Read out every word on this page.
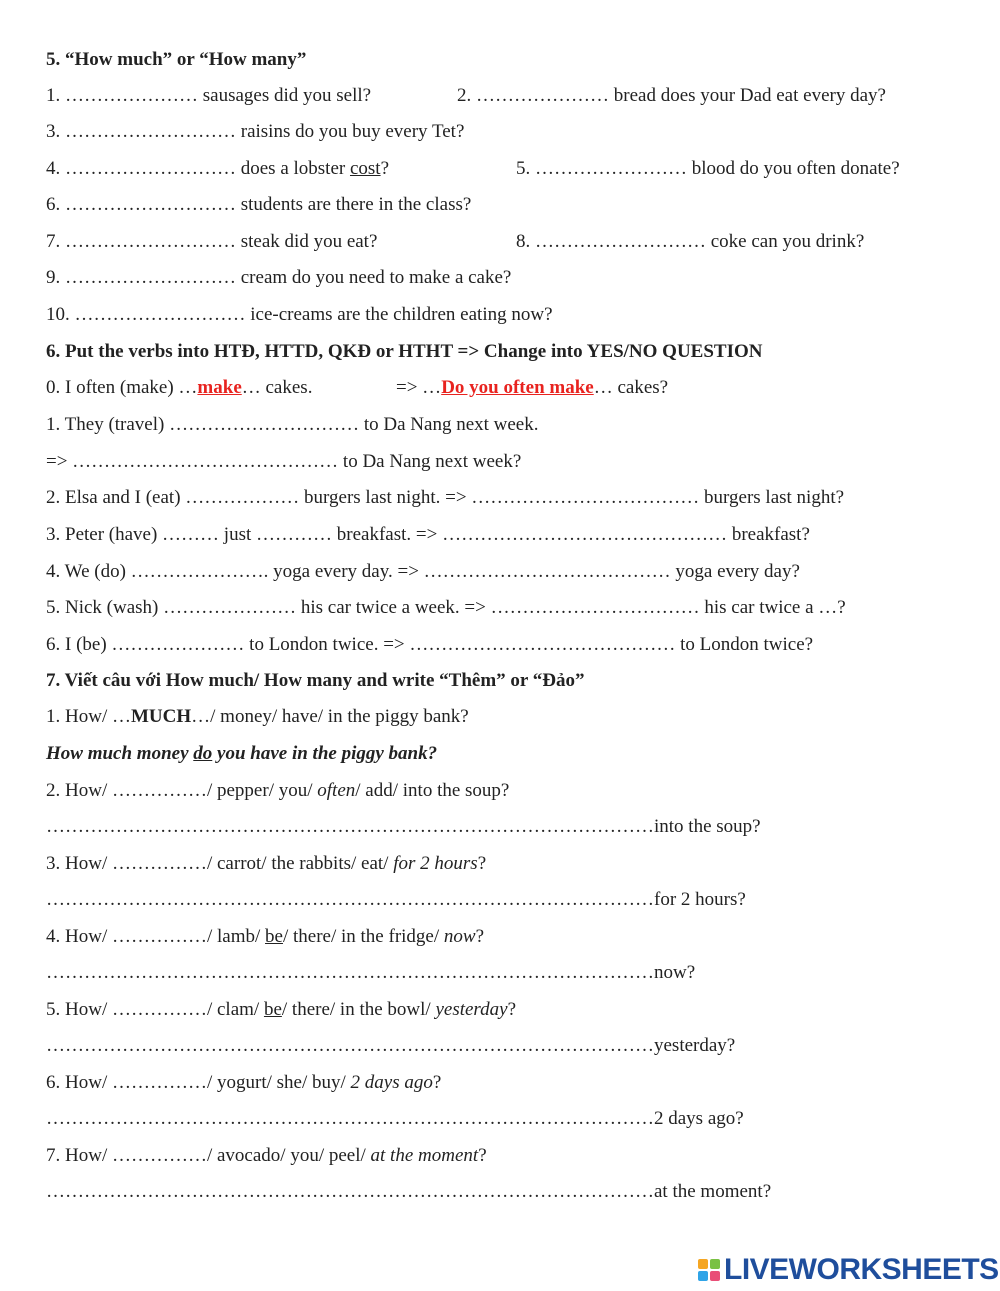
5. “How much” or “How many”
1. ………………… sausages did you sell?	2. ………………… bread does your Dad eat every day?
3. ……………………… raisins do you buy every Tet?
4. ……………………… does a lobster cost?	5. …………………… blood do you often donate?
6. ……………………… students are there in the class?
7. ……………………… steak did you eat?	8. ……………………… coke can you drink?
9. ……………………… cream do you need to make a cake?
10. ……………………… ice-creams are the children eating now?
6. Put the verbs into HTĐ, HTTD, QKĐ or HTHT => Change into YES/NO QUESTION
0. I often (make) …make… cakes.	=> …Do you often make… cakes?
1. They (travel) ………………………… to Da Nang next week.
=> …………………………………… to Da Nang next week?
2. Elsa and I (eat) ……………… burgers last night. => ……………………………… burgers last night?
3. Peter (have) ……… just ………… breakfast. => ……………………………………… breakfast?
4. We (do) …………………. yoga every day. => ………………………………… yoga every day?
5. Nick (wash) ………………… his car twice a week. => …………………………… his car twice a …?
6. I (be) ………………… to London twice. => …………………………………… to London twice?
7. Viết câu với How much/ How many and write “Thêm” or “Đảo”
1. How/ …MUCH…/ money/ have/ in the piggy bank?
How much money do you have in the piggy bank?
2. How/ ……………/ pepper/ you/ often/ add/ into the soup?
……………………………………………………………………………………into the soup?
3. How/ ……………/ carrot/ the rabbits/ eat/ for 2 hours?
……………………………………………………………………………………for 2 hours?
4. How/ ……………/ lamb/ be/ there/ in the fridge/ now?
……………………………………………………………………………………now?
5. How/ ……………/ clam/ be/ there/ in the bowl/ yesterday?
……………………………………………………………………………………yesterday?
6. How/ ……………/ yogurt/ she/ buy/ 2 days ago?
……………………………………………………………………………………2 days ago?
7. How/ ……………/ avocado/ you/ peel/ at the moment?
……………………………………………………………………………………at the moment?
LIVEWORKSHEETS
